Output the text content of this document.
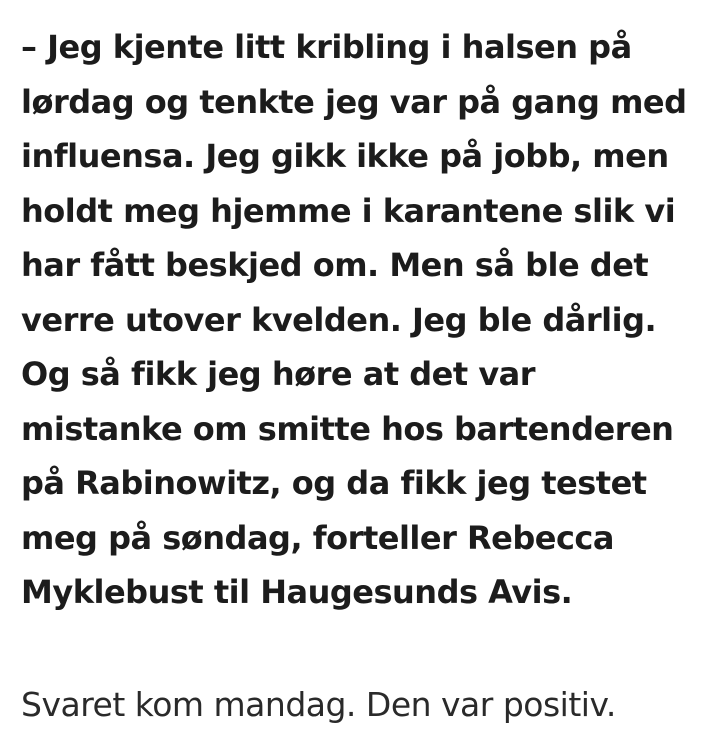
– Jeg kjente litt kribling i halsen på
lørdag og tenkte jeg var på gang med
influensa. Jeg gikk ikke på jobb, men
holdt meg hjemme i karantene slik vi
har fått beskjed om. Men så ble det
verre utover kvelden. Jeg ble dårlig.
Og så fikk jeg høre at det var
mistanke om smitte hos bartenderen
på Rabinowitz, og da fikk jeg testet
meg på søndag, forteller Rebecca
Myklebust til Haugesunds Avis.

Svaret kom mandag. Den var positiv.
